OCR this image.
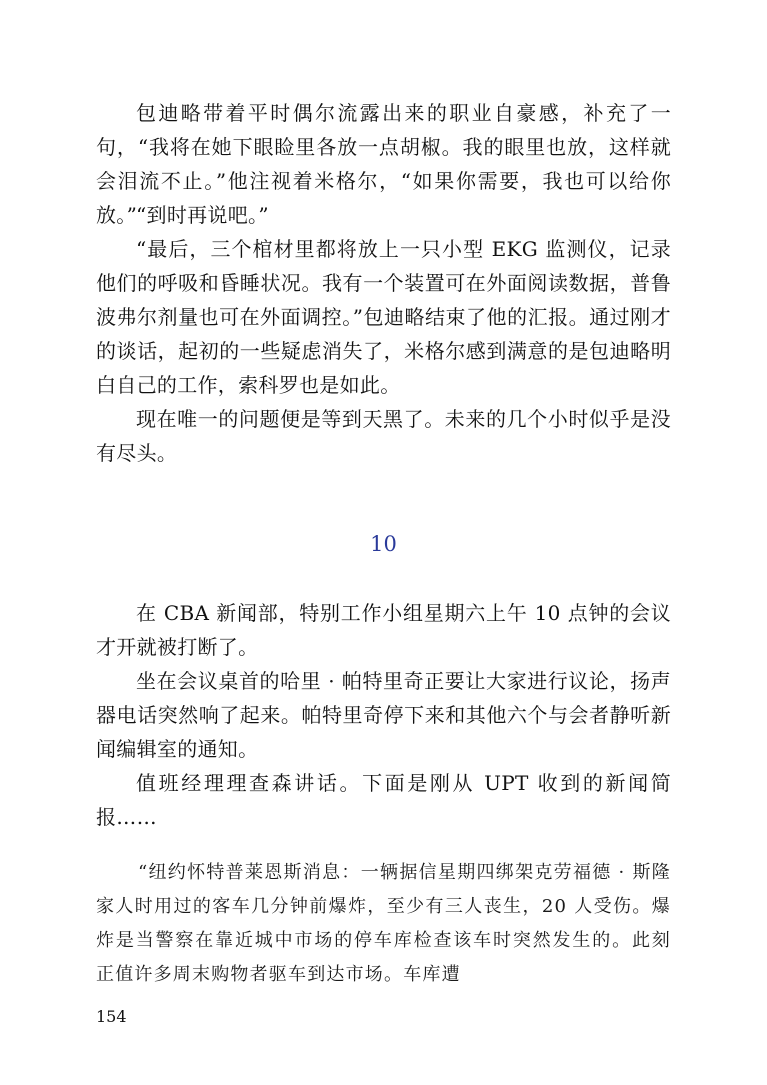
包迪略带着平时偶尔流露出来的职业自豪感，补充了一句，“我将在她下眼睑里各放一点胡椒。我的眼里也放，这样就会泪流不止。”他注视着米格尔，“如果你需要，我也可以给你放。”

“到时再说吧。”

“最后，三个棺材里都将放上一只小型 EKG 监测仪，记录他们的呼吸和昏睡状况。我有一个装置可在外面阅读数据，普鲁波弗尔剂量也可在外面调控。”包迪略结束了他的汇报。通过刚才的谈话，起初的一些疑虑消失了，米格尔感到满意的是包迪略明白自己的工作，索科罗也是如此。

现在唯一的问题便是等到天黑了。未来的几个小时似乎是没有尽头。

10

在 CBA 新闻部，特别工作小组星期六上午 10 点钟的会议才开就被打断了。

坐在会议桌首的哈里 · 帕特里奇正要让大家进行议论，扬声器电话突然响了起来。帕特里奇停下来和其他六个与会者静听新闻编辑室的通知。

值班经理理查森讲话。下面是刚从 UPT 收到的新闻简报……

“纽约怀特普莱恩斯消息：一辆据信星期四绑架克劳福德 · 斯隆家人时用过的客车几分钟前爆炸，至少有三人丧生，20 人受伤。爆炸是当警察在靠近城中市场的停车库检查该车时突然发生的。此刻正值许多周末购物者驱车到达市场。车库遭

154
